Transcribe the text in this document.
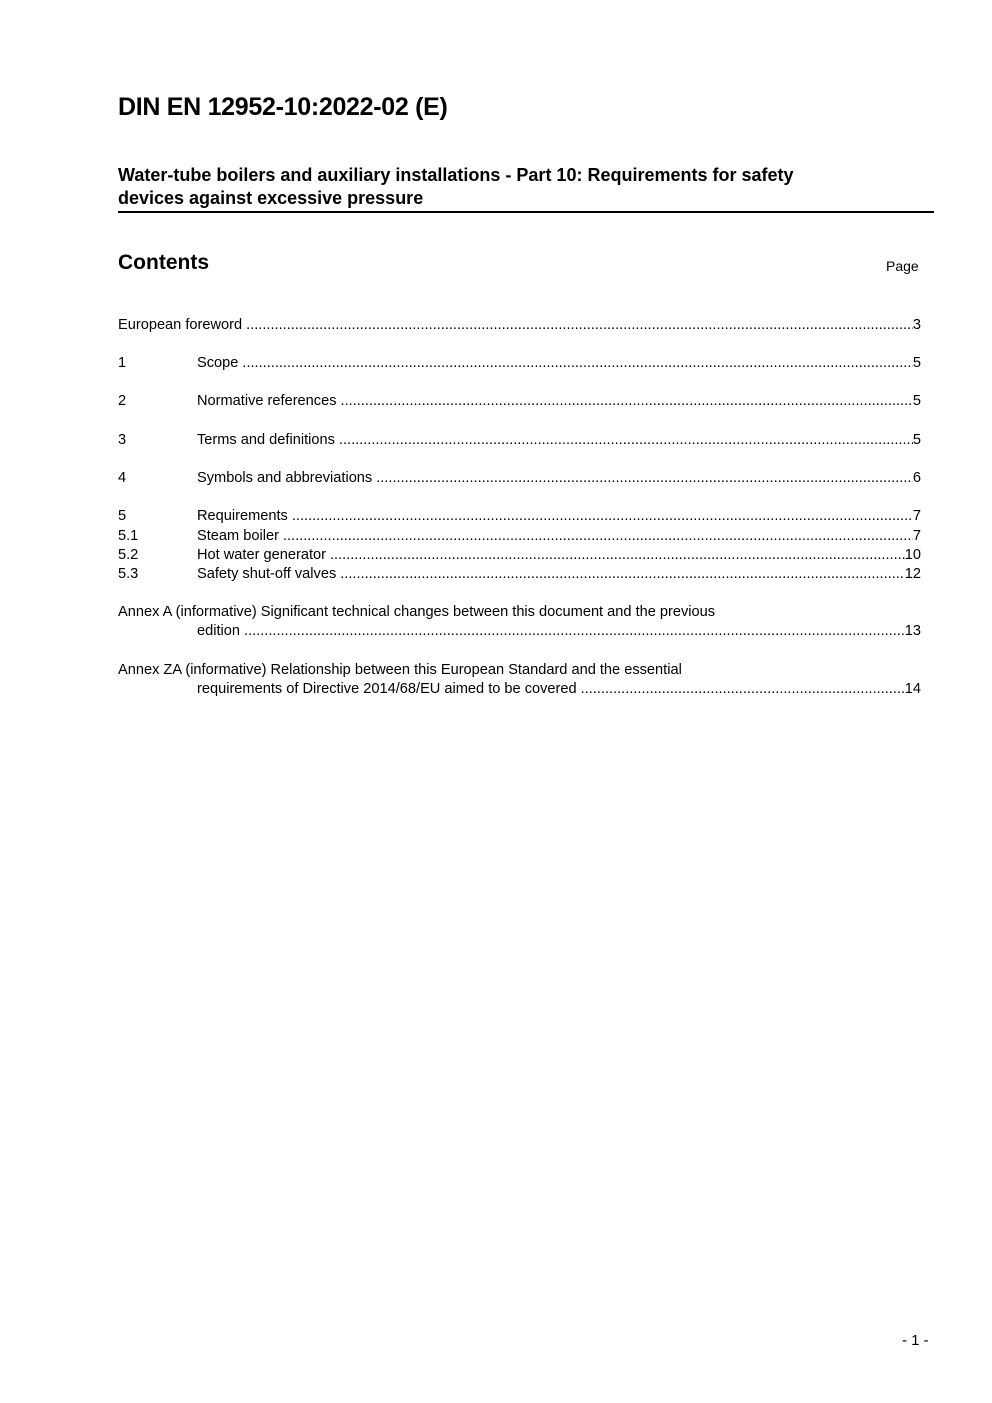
DIN EN 12952-10:2022-02 (E)
Water-tube boilers and auxiliary installations - Part 10: Requirements for safety
devices against excessive pressure
Contents	Page
European foreword .....	3
1	Scope .....	5
2	Normative references .....	5
3	Terms and definitions .....	5
4	Symbols and abbreviations .....	6
5	Requirements .....	7
5.1	Steam boiler .....	7
5.2	Hot water generator .....	10
5.3	Safety shut-off valves .....	12
Annex A (informative) Significant technical changes between this document and the previous
edition .....	13
Annex ZA (informative) Relationship between this European Standard and the essential
requirements of Directive 2014/68/EU aimed to be covered .....	14
- 1 -
